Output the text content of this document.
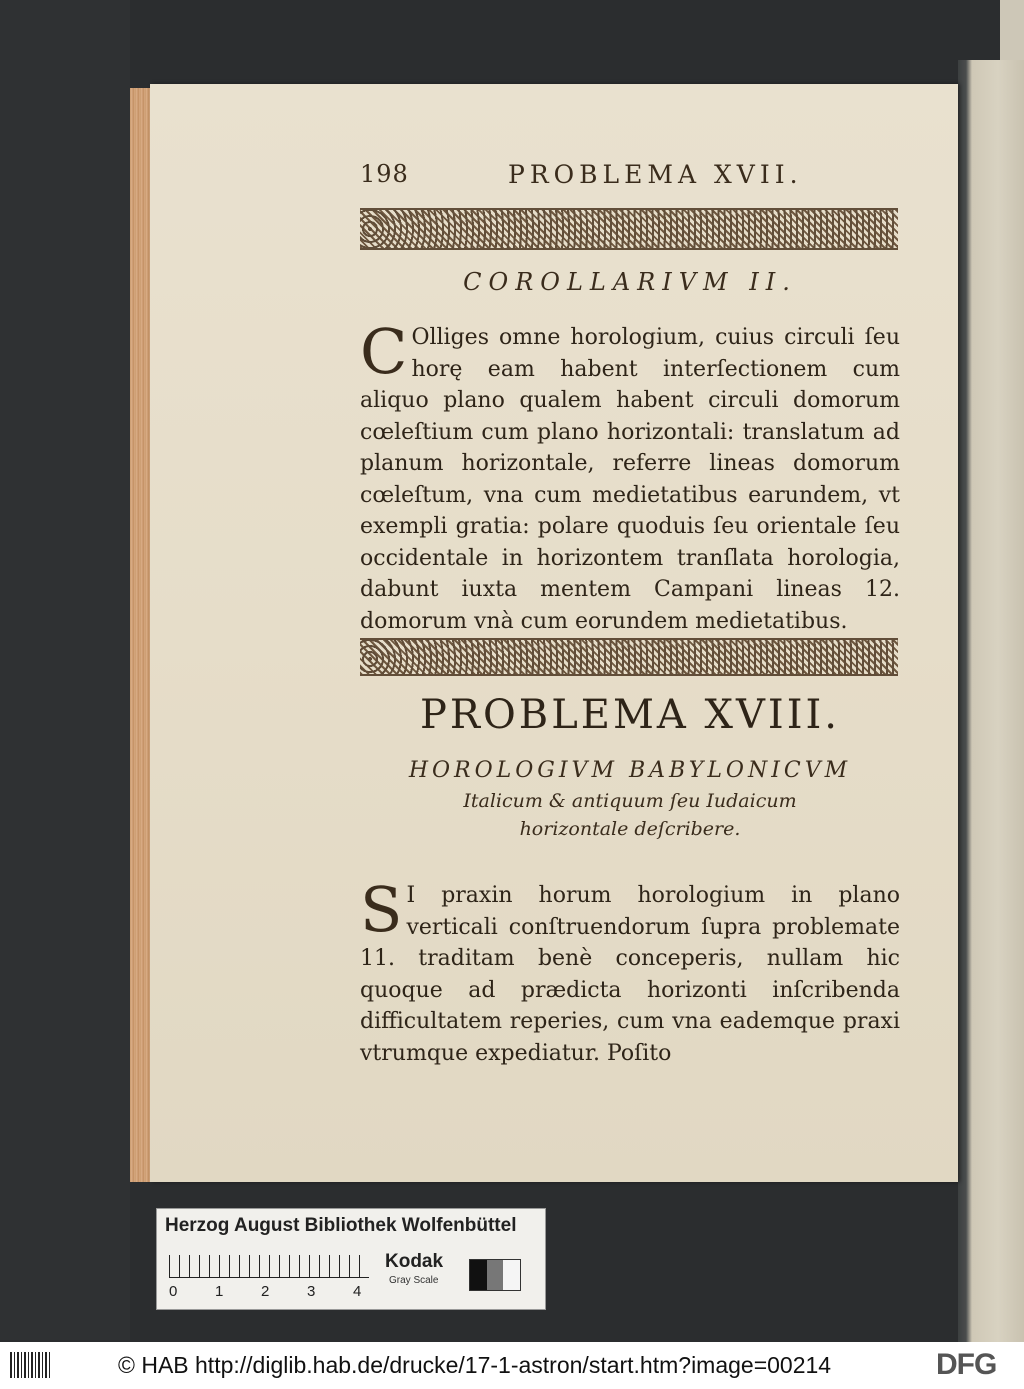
198	PROBLEMA XVII.
COROLLARIVM II.
C Olliges omne horologium, cuius circuli ſeu horę eam habent interſectionem cum aliquo plano qualem habent circuli domorum cœleſtium cum plano horizontali: translatum ad planum horizontale, referre lineas domorum cœleſtum, vna cum medietatibus earundem, vt exempli gratia: polare quoduis ſeu orientale ſeu occidentale in horizontem tranſlata horologia, dabunt iuxta mentem Campani lineas 12. domorum vnà cum eorundem medietatibus.
PROBLEMA XVIII.
HOROLOGIVM BABYLONICVM
Italicum & antiquum ſeu Iudaicum
horizontale deſcribere.
S I praxin horum horologium in plano verticali conſtruendorum ſupra problemate 11. traditam benè conceperis, nullam hic quoque ad prædicta horizonti inſcribenda difficultatem reperies, cum vna eademque praxi vtrumque expediatur. Poſito
Herzog August Bibliothek Wolfenbüttel
0	1	2	3	4
Kodak
Gray Scale
© HAB http://diglib.hab.de/drucke/17-1-astron/start.htm?image=00214	DFG
